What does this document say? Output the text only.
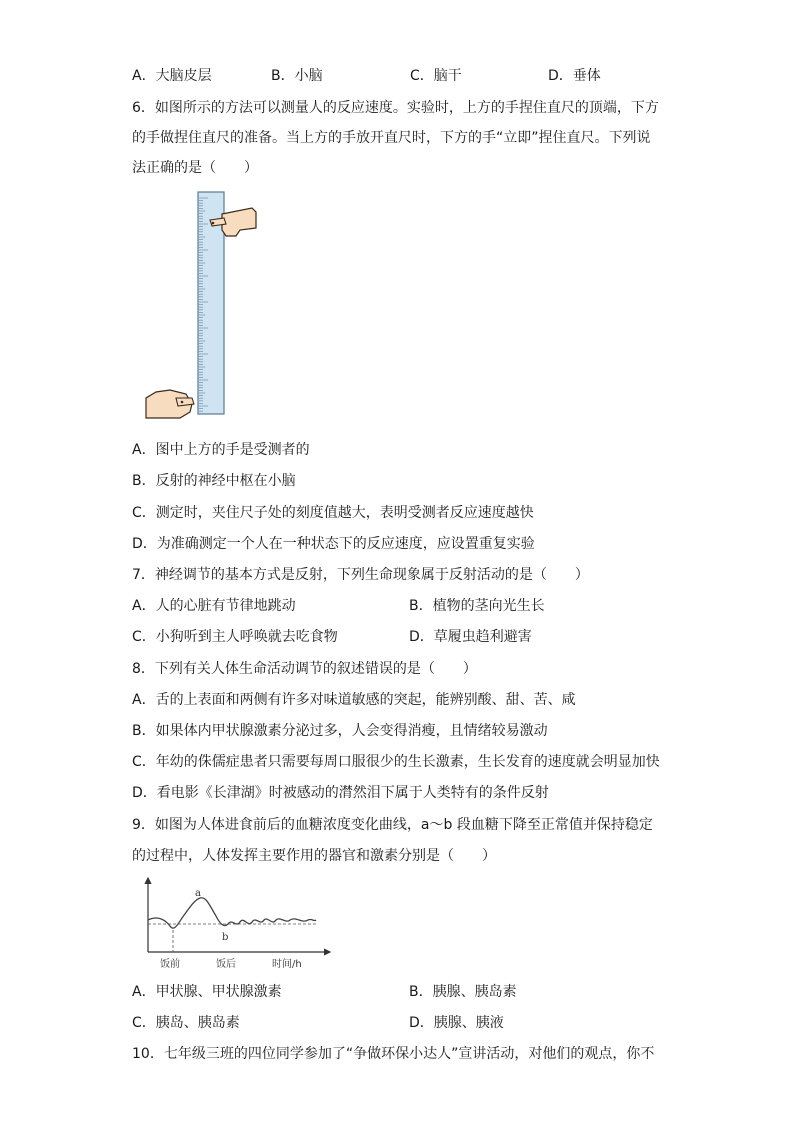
A．大脑皮层	B．小脑	C．脑干	D．垂体
6．如图所示的方法可以测量人的反应速度。实验时，上方的手捏住直尺的顶端，下方
的手做捏住直尺的准备。当上方的手放开直尺时，下方的手“立即”捏住直尺。下列说
法正确的是（　　）
A．图中上方的手是受测者的
B．反射的神经中枢在小脑
C．测定时，夹住尺子处的刻度值越大，表明受测者反应速度越快
D．为准确测定一个人在一种状态下的反应速度，应设置重复实验
7．神经调节的基本方式是反射，下列生命现象属于反射活动的是（　　）
A．人的心脏有节律地跳动	B．植物的茎向光生长
C．小狗听到主人呼唤就去吃食物	D．草履虫趋利避害
8．下列有关人体生命活动调节的叙述错误的是（　　）
A．舌的上表面和两侧有许多对味道敏感的突起，能辨别酸、甜、苦、咸
B．如果体内甲状腺激素分泌过多，人会变得消瘦，且情绪较易激动
C．年幼的侏儒症患者只需要每周口服很少的生长激素，生长发育的速度就会明显加快
D．看电影《长津湖》时被感动的潸然泪下属于人类特有的条件反射
9．如图为人体进食前后的血糖浓度变化曲线，a～b 段血糖下降至正常值并保持稳定
的过程中，人体发挥主要作用的器官和激素分别是（　　）
a
b
饭前	饭后	时间/h
A．甲状腺、甲状腺激素	B．胰腺、胰岛素
C．胰岛、胰岛素	D．胰腺、胰液
10．七年级三班的四位同学参加了“争做环保小达人”宣讲活动，对他们的观点，你不
